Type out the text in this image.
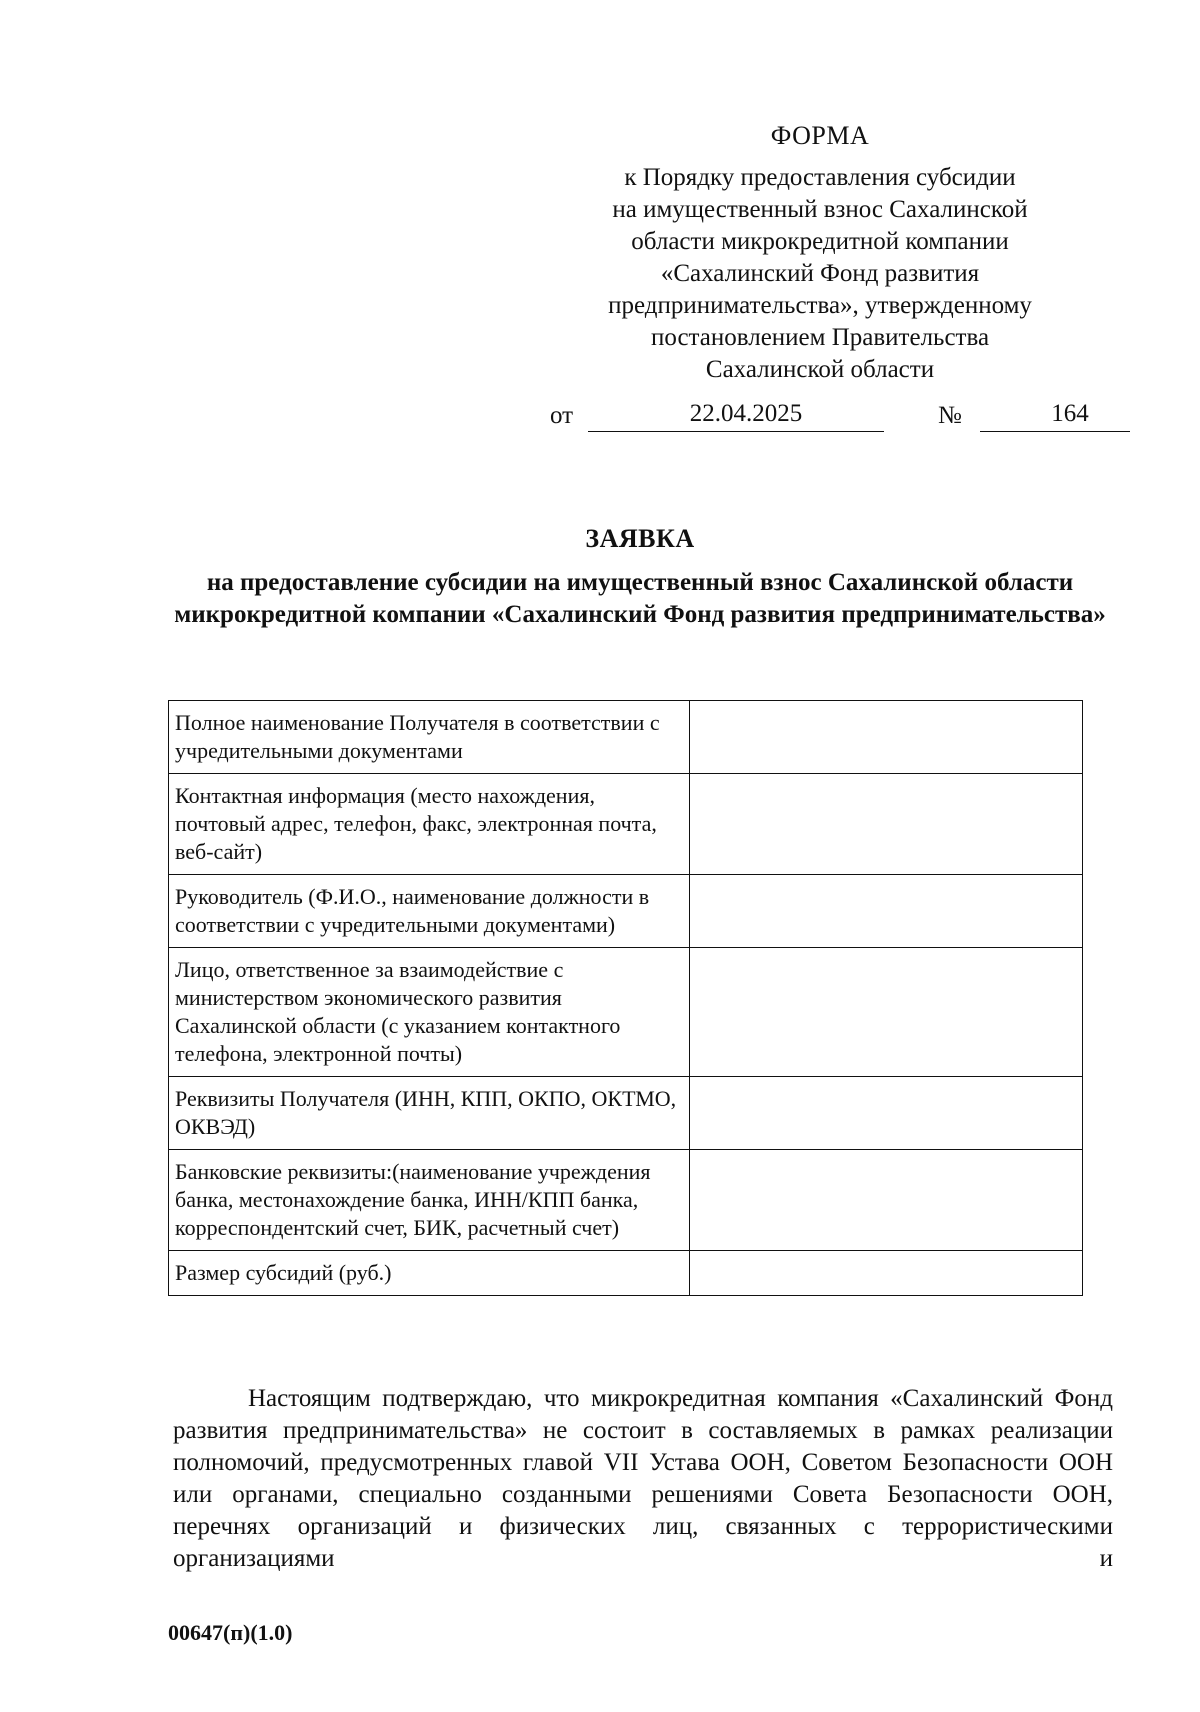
ФОРМА
к Порядку предоставления субсидии
на имущественный взнос Сахалинской
области микрокредитной компании
«Сахалинский Фонд развития
предпринимательства», утвержденному
постановлением Правительства
Сахалинской области
от	22.04.2025	№	164
ЗАЯВКА
на предоставление субсидии на имущественный взнос Сахалинской области микрокредитной компании «Сахалинский Фонд развития предпринимательства»
Полное наименование Получателя в соответствии с учредительными документами	
Контактная информация (место нахождения, почтовый адрес, телефон, факс, электронная почта, веб-сайт)	
Руководитель (Ф.И.О., наименование должности в соответствии с учредительными документами)	
Лицо, ответственное за взаимодействие с министерством экономического развития Сахалинской области (с указанием контактного телефона, электронной почты)	
Реквизиты Получателя (ИНН, КПП, ОКПО, ОКТМО, ОКВЭД)	
Банковские реквизиты:(наименование учреждения банка, местонахождение банка, ИНН/КПП банка, корреспондентский счет, БИК, расчетный счет)	
Размер субсидий (руб.)	
Настоящим подтверждаю, что микрокредитная компания «Сахалинский Фонд развития предпринимательства» не состоит в составляемых в рамках реализации полномочий, предусмотренных главой VII Устава ООН, Советом Безопасности ООН или органами, специально созданными решениями Совета Безопасности ООН, перечнях организаций и физических лиц, связанных с террористическими организациями и
00647(п)(1.0)
